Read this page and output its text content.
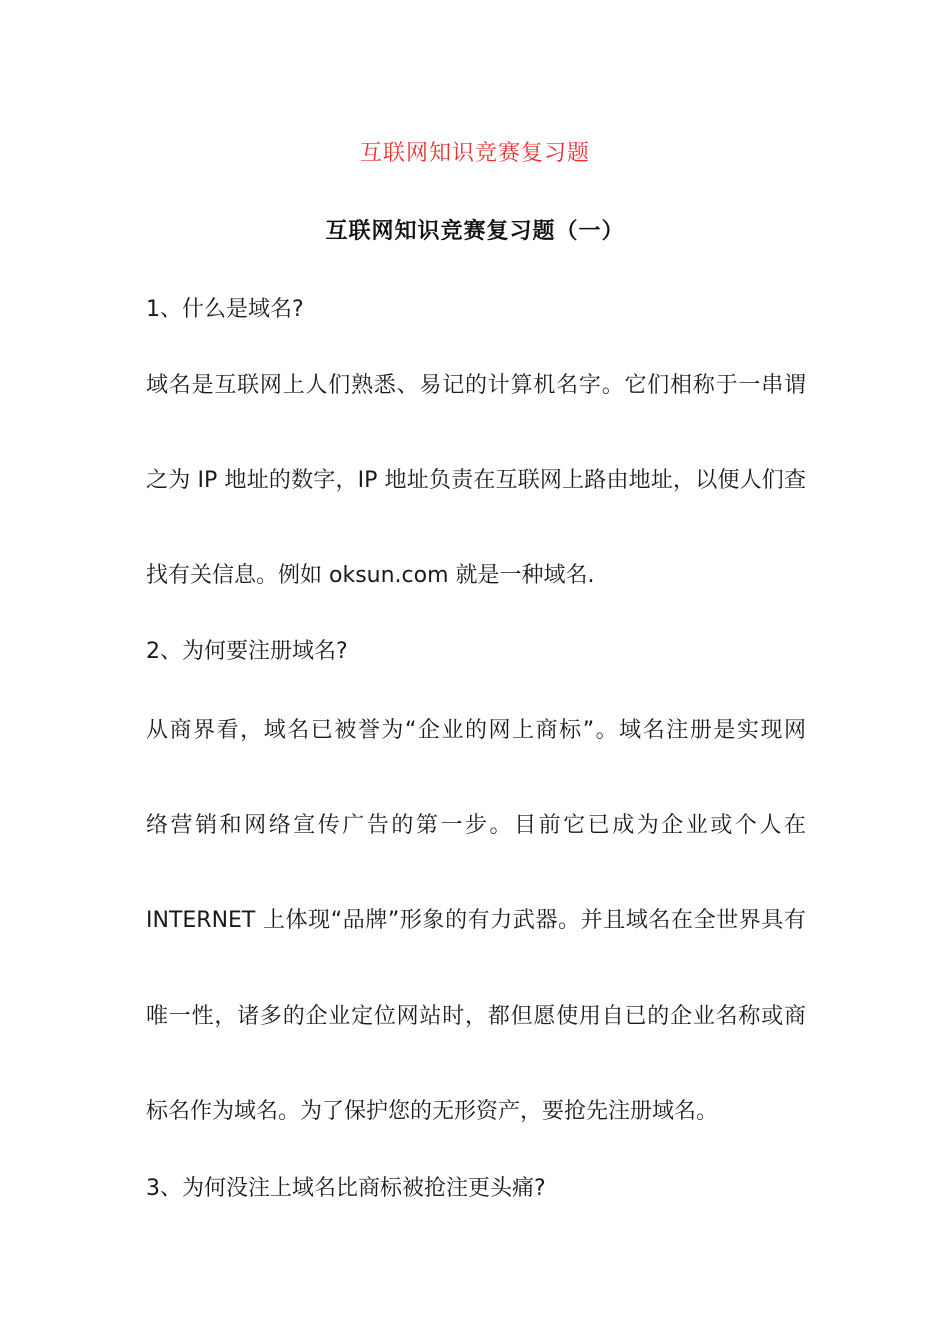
互联网知识竞赛复习题
互联网知识竞赛复习题（一）
1、什么是域名?
域名是互联网上人们熟悉、易记的计算机名字。它们相称于一串谓
之为 IP 地址的数字，IP 地址负责在互联网上路由地址，以便人们查
找有关信息。例如 oksun.com 就是一种域名.
2、为何要注册域名?
从商界看，域名已被誉为“企业的网上商标”。域名注册是实现网
络营销和网络宣传广告的第一步。目前它已成为企业或个人在
INTERNET 上体现“品牌”形象的有力武器。并且域名在全世界具有
唯一性，诸多的企业定位网站时，都但愿使用自已的企业名称或商
标名作为域名。为了保护您的无形资产，要抢先注册域名。
3、为何没注上域名比商标被抢注更头痛?
